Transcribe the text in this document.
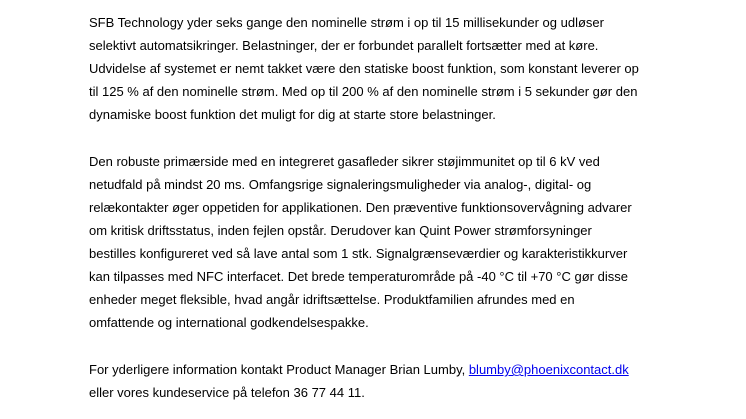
SFB Technology yder seks gange den nominelle strøm i op til 15 millisekunder og udløser
selektivt automatsikringer. Belastninger, der er forbundet parallelt fortsætter med at køre.
Udvidelse af systemet er nemt takket være den statiske boost funktion, som konstant leverer op
til 125 % af den nominelle strøm. Med op til 200 % af den nominelle strøm i 5 sekunder gør den
dynamiske boost funktion det muligt for dig at starte store belastninger.

Den robuste primærside med en integreret gasafleder sikrer støjimmunitet op til 6 kV ved
netudfald på mindst 20 ms. Omfangsrige signaleringsmuligheder via analog-, digital- og
relækontakter øger oppetiden for applikationen. Den præventive funktionsovervågning advarer
om kritisk driftsstatus, inden fejlen opstår. Derudover kan Quint Power strømforsyninger
bestilles konfigureret ved så lave antal som 1 stk. Signalgrænseværdier og karakteristikkurver
kan tilpasses med NFC interfacet. Det brede temperaturområde på -40 °C til +70 °C gør disse
enheder meget fleksible, hvad angår idriftsættelse. Produktfamilien afrundes med en
omfattende og international godkendelsespakke.

For yderligere information kontakt Product Manager Brian Lumby, blumby@phoenixcontact.dk
eller vores kundeservice på telefon 36 77 44 11.
